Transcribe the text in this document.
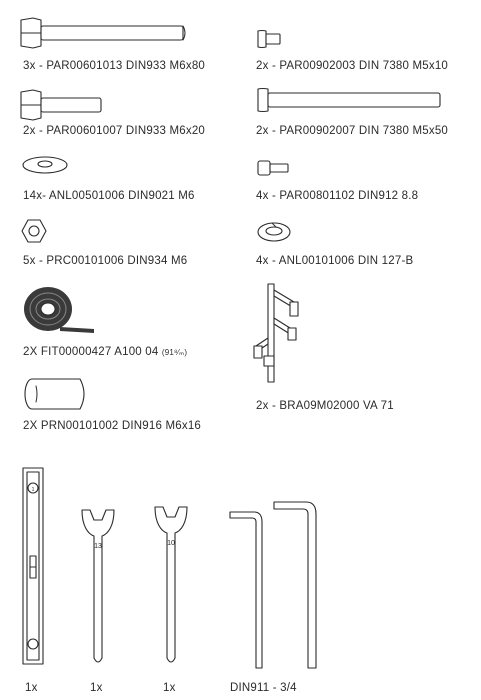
3x - PAR00601013 DIN933 M6x80	2x - PAR00902003 DIN 7380 M5x10
2x - PAR00601007 DIN933 M6x20	2x - PAR00902007 DIN 7380 M5x50
14x- ANL00501006 DIN9021 M6	4x - PAR00801102 DIN912 8.8
5x - PRC00101006 DIN934 M6	4x - ANL00101006 DIN 127-B
2X FIT00000427 A100 04 (91⁸⁄ₘ)
2x - BRA09M02000 VA 71
2X PRN00101002 DIN916 M6x16
1
1x
13
1x
10
1x	DIN911 - 3/4
